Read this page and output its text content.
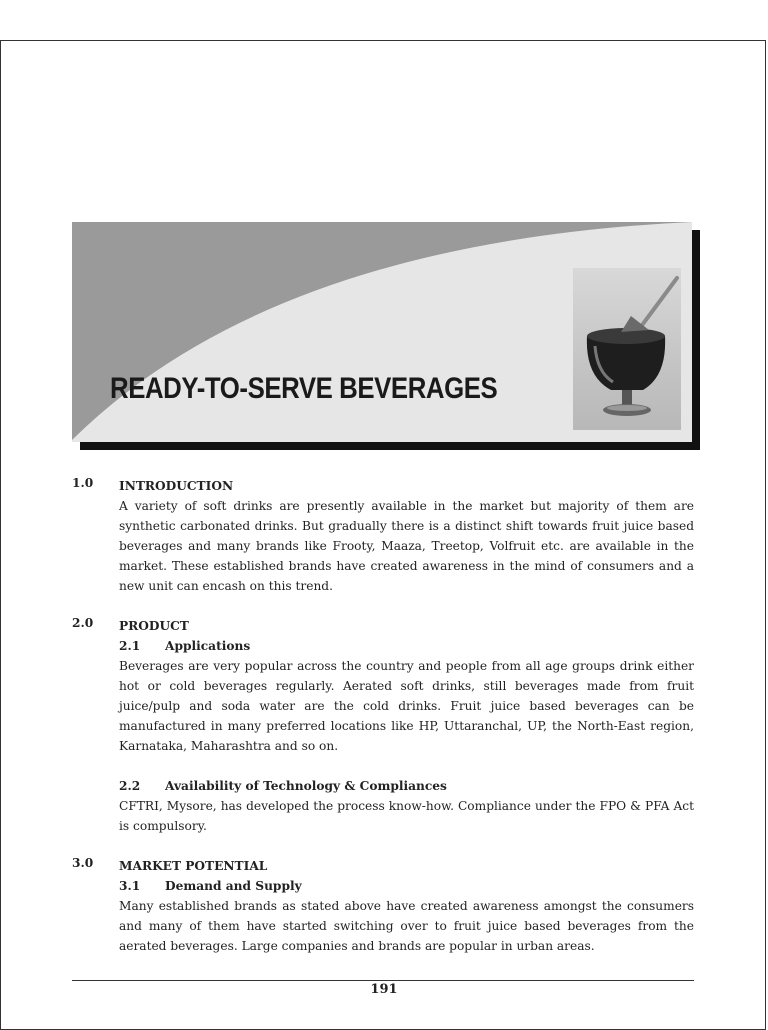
READY-TO-SERVE BEVERAGES
1.0 INTRODUCTION
A variety of soft drinks are presently available in the market but majority of them are synthetic carbonated drinks. But gradually there is a distinct shift towards fruit juice based beverages and many brands like Frooty, Maaza, Treetop, Volfruit etc. are available in the market. These established brands have created awareness in the mind of consumers and a new unit can encash on this trend.
2.0 PRODUCT
2.1	Applications
Beverages are very popular across the country and people from all age groups drink either hot or cold beverages regularly. Aerated soft drinks, still beverages made from fruit juice/pulp and soda water are the cold drinks. Fruit juice based beverages can be manufactured in many preferred locations like HP, Uttaranchal, UP, the North-East region, Karnataka, Maharashtra and so on.
2.2	Availability of Technology & Compliances
CFTRI, Mysore, has developed the process know-how. Compliance under the FPO & PFA Act is compulsory.
3.0 MARKET POTENTIAL
3.1	Demand and Supply
Many established brands as stated above have created awareness amongst the consumers and many of them have started switching over to fruit juice based beverages from the aerated beverages. Large companies and brands are popular in urban areas.
191
